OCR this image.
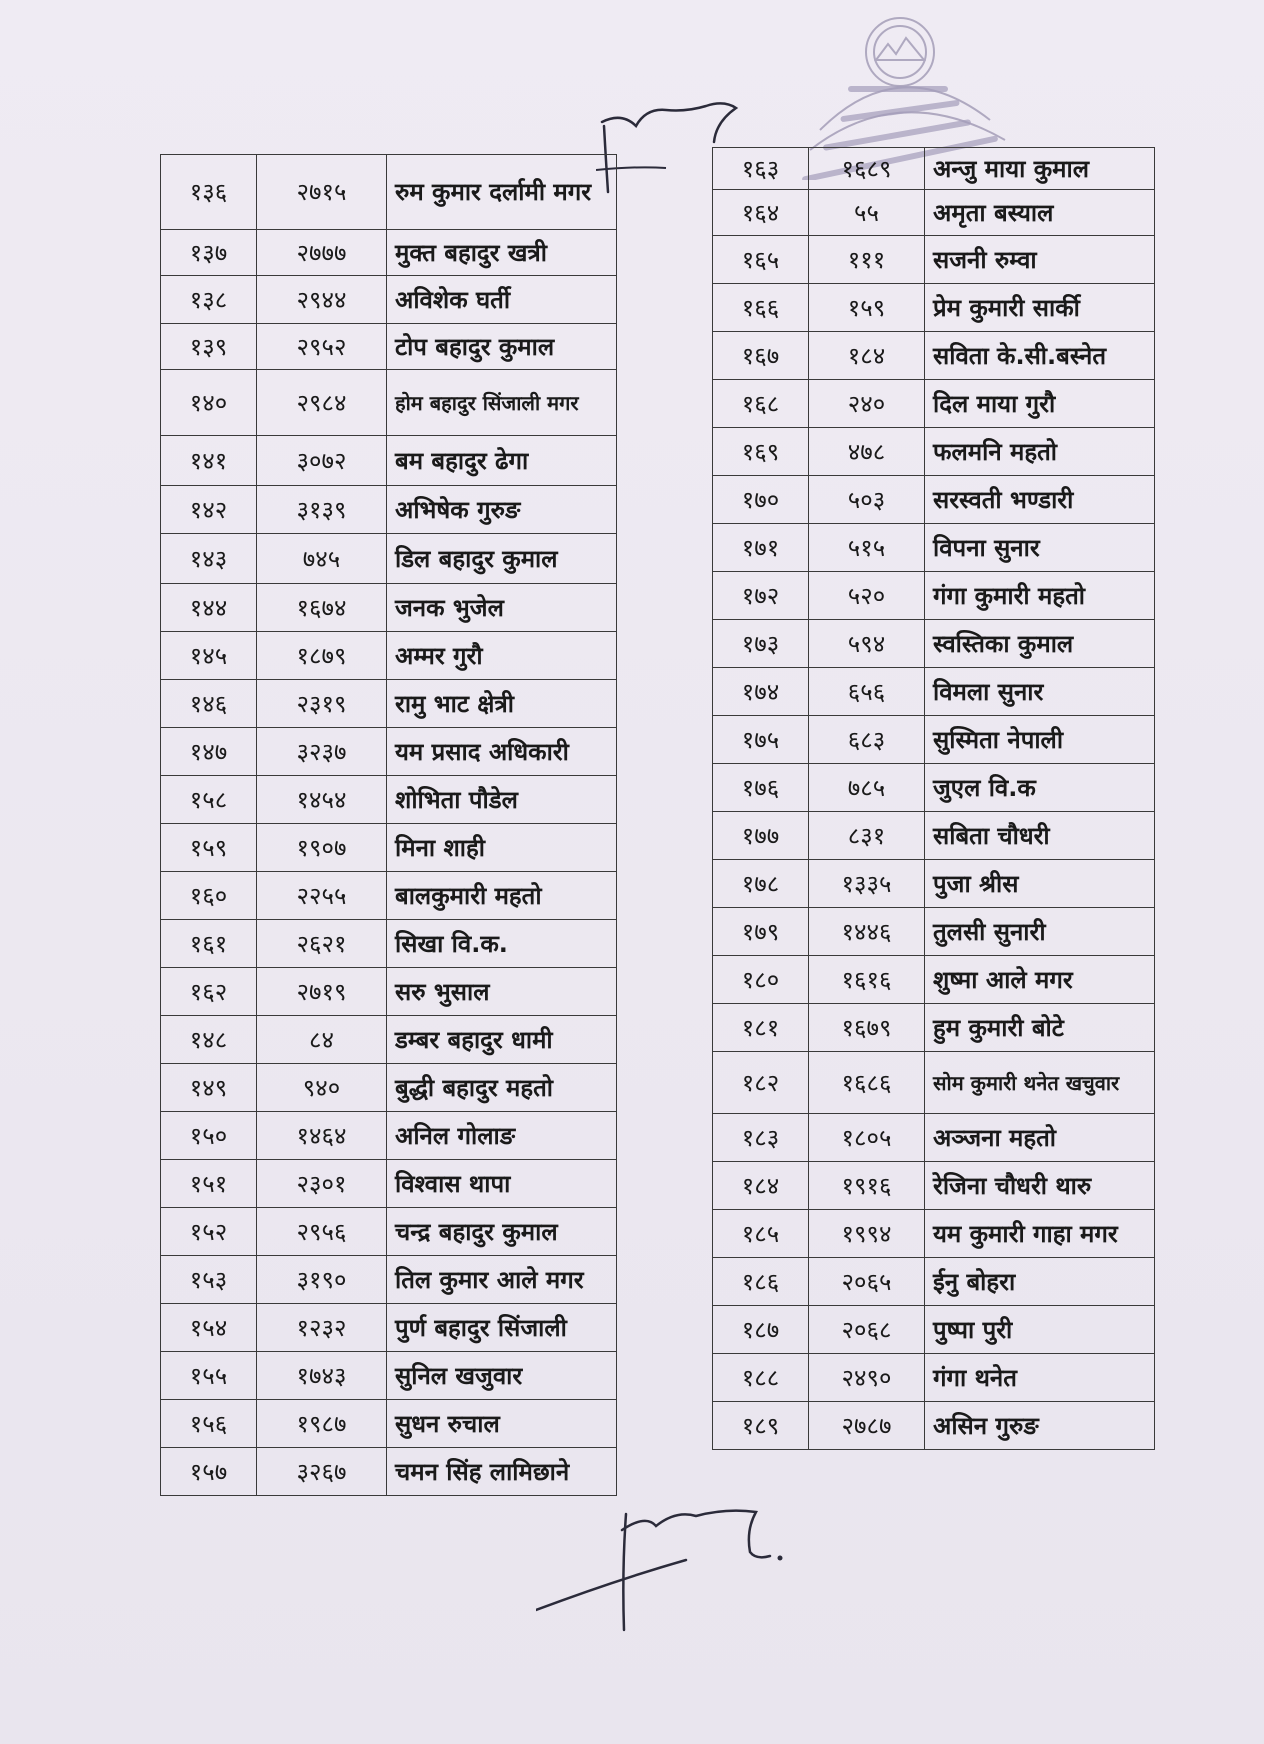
१३६	२७१५	रुम कुमार दर्लामी मगर
१३७	२७७७	मुक्त बहादुर खत्री
१३८	२९४४	अविशेक घर्ती
१३९	२९५२	टोप बहादुर कुमाल
१४०	२९८४	होम बहादुर सिंजाली मगर
१४१	३०७२	बम बहादुर ढेगा
१४२	३१३९	अभिषेक गुरुङ
१४३	७४५	डिल बहादुर कुमाल
१४४	१६७४	जनक भुजेल
१४५	१८७९	अम्मर गुरौ
१४६	२३१९	रामु भाट क्षेत्री
१४७	३२३७	यम प्रसाद अधिकारी
१५८	१४५४	शोभिता पौडेल
१५९	१९०७	मिना शाही
१६०	२२५५	बालकुमारी महतो
१६१	२६२१	सिखा वि.क.
१६२	२७१९	सरु भुसाल
१४८	८४	डम्बर बहादुर धामी
१४९	९४०	बुद्धी बहादुर महतो
१५०	१४६४	अनिल गोलाङ
१५१	२३०१	विश्वास थापा
१५२	२९५६	चन्द्र बहादुर कुमाल
१५३	३१९०	तिल कुमार आले मगर
१५४	१२३२	पुर्ण बहादुर सिंजाली
१५५	१७४३	सुनिल खजुवार
१५६	१९८७	सुधन रुचाल
१५७	३२६७	चमन सिंह लामिछाने
१६३	१६८९	अन्जु माया कुमाल
१६४	५५	अमृता बस्याल
१६५	१११	सजनी रुम्वा
१६६	१५९	प्रेम कुमारी सार्की
१६७	१८४	सविता के.सी.बस्नेत
१६८	२४०	दिल माया गुरौ
१६९	४७८	फलमनि महतो
१७०	५०३	सरस्वती भण्डारी
१७१	५१५	विपना सुनार
१७२	५२०	गंगा कुमारी महतो
१७३	५९४	स्वस्तिका कुमाल
१७४	६५६	विमला सुनार
१७५	६८३	सुस्मिता नेपाली
१७६	७८५	जुएल वि.क
१७७	८३१	सबिता चौधरी
१७८	१३३५	पुजा श्रीस
१७९	१४४६	तुलसी सुनारी
१८०	१६१६	शुष्मा आले मगर
१८१	१६७९	हुम कुमारी बोटे
१८२	१६८६	सोम कुमारी थनेत खचुवार
१८३	१८०५	अञ्जना महतो
१८४	१९१६	रेजिना चौधरी थारु
१८५	१९९४	यम कुमारी गाहा मगर
१८६	२०६५	ईनु बोहरा
१८७	२०६८	पुष्पा पुरी
१८८	२४९०	गंगा थनेत
१८९	२७८७	असिन गुरुङ
